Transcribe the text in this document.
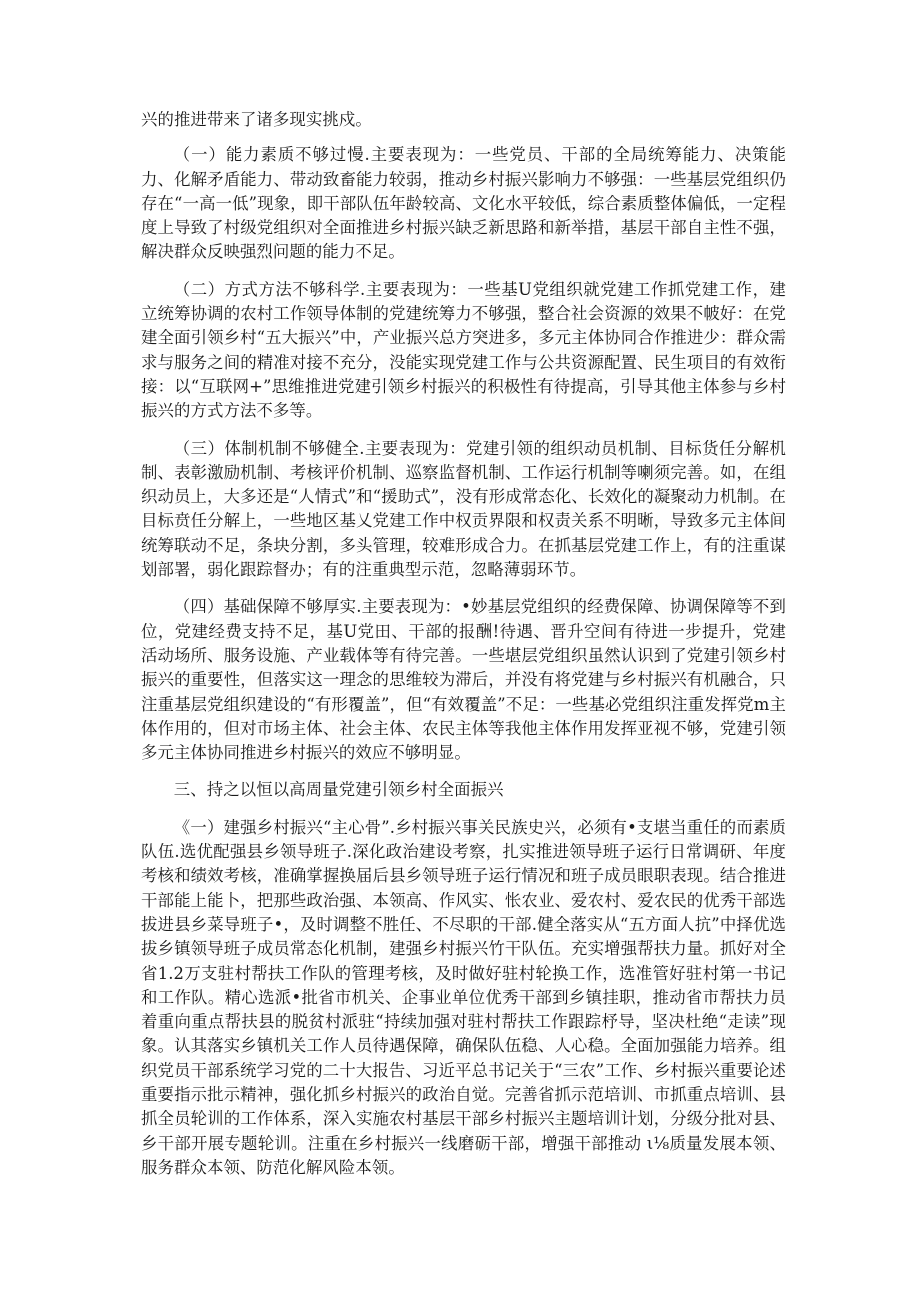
兴的推进带来了诸多现实挑戍。

（一）能力素质不够过慢.主要表现为：一些党员、干部的全局统筹能力、决策能力、化解矛盾能力、带动致畜能力较弱，推动乡村振兴影响力不够强：一些基层党组织仍存在“一高一低”现象，即干部队伍年龄较高、文化水平较低，综合素质整体偏低，一定程度上导致了村级党组织对全面推进乡村振兴缺乏新思路和新举措，基层干部自主性不强，解决群众反映强烈问题的能力不足。

（二）方式方法不够科学.主要表现为：一些基U党组织就党建工作抓党建工作，建立统筹协调的农村工作领导体制的党建统筹力不够强，整合社会资源的效果不帔好：在党建全面引领乡村“五大振兴”中，产业振兴总方突进多，多元主体协同合作推进少：群众需求与服务之间的精准对接不充分，没能实现党建工作与公共资源配置、民生项目的有效衔接：以“互联网+”思维推进党建引领乡村振兴的积极性有待提高，引导其他主体参与乡村振兴的方式方法不多等。

（三）体制机制不够健全.主要表现为：党建引领的组织动员机制、目标货任分解机制、表彰激励机制、考核评价机制、巡察监督机制、工作运行机制等喇须完善。如，在组织动员上，大多还是“人情式”和“援助式”，没有形成常态化、长效化的凝聚动力机制。在目标贲任分解上，一些地区基乂党建工作中权贡界限和权责关系不明晰，导致多元主体间统筹联动不足，条块分割，多头管理，较难形成合力。在抓基层党建工作上，有的注重谋划部署，弱化跟踪督办；有的注重典型示范，忽略薄弱环节。

（四）基础保障不够厚实.主要表现为：•妙基层党组织的经费保障、协调保障等不到位，党建经费支持不足，基U党田、干部的报酬!待遇、晋升空间有待进一步提升，党建活动场所、服务设施、产业载体等有待完善。一些堪层党组织虽然认识到了党建引领乡村振兴的重要性，但落实这一理念的思维较为滞后，并没有将党建与乡村振兴有机融合，只注重基层党组织建设的“有形覆盖”，但“有效覆盖”不足：一些基必党组织注重发挥党m主体作用的，但对市场主体、社会主体、农民主体等我他主体作用发挥亚视不够，党建引领多元主体协同推进乡村振兴的效应不够明显。

三、持之以恒以高周量党建引领乡村全面振兴

《一）建强乡村振兴“主心骨”.乡村振兴事关民族史兴，必须有•支堪当重任的而素质队伍.选优配强县乡领导班子.深化政治建设考察，扎实推进领导班子运行日常调研、年度考核和绩效考核，准确掌握换届后县乡领导班子运行情况和班子成员眼职表现。结合推进干部能上能卜，把那些政治强、本领高、作风实、怅农业、爱农村、爱农民的优秀干部选拔进县乡菜导班子•，及时调整不胜任、不尽职的干部.健全落实从“五方面人抗”中择优选拔乡镇领导班子成员常态化机制，建强乡村振兴竹干队伍。充实增强帮扶力量。抓好对全省1.2万支驻村帮扶工作队的管理考核，及时做好驻村轮换工作，选准管好驻村第一书记和工作队。精心选派•批省市机关、企事业单位优秀干部到乡镇挂职，推动省市帮扶力员着重向重点帮扶县的脱贫村派驻“持续加强对驻村帮扶工作跟踪杼导，坚决杜绝“走读”现象。认其落实乡镇机关工作人员待遇保障，确保队伍稳、人心稳。全面加强能力培养。组织党员干部系统学习党的二十大报告、习近平总书记关于“三农”工作、乡村振兴重要论述重要指示批示精神，强化抓乡村振兴的政治自觉。完善省抓示范培训、市抓重点培训、县抓全员轮训的工作体系，深入实施农村基层干部乡村振兴主题培训计划，分级分批对县、乡干部开展专题轮训。注重在乡村振兴一线磨砺干部，增强干部推动 ι⅛质量发展本领、服务群众本领、防范化解风险本领。
